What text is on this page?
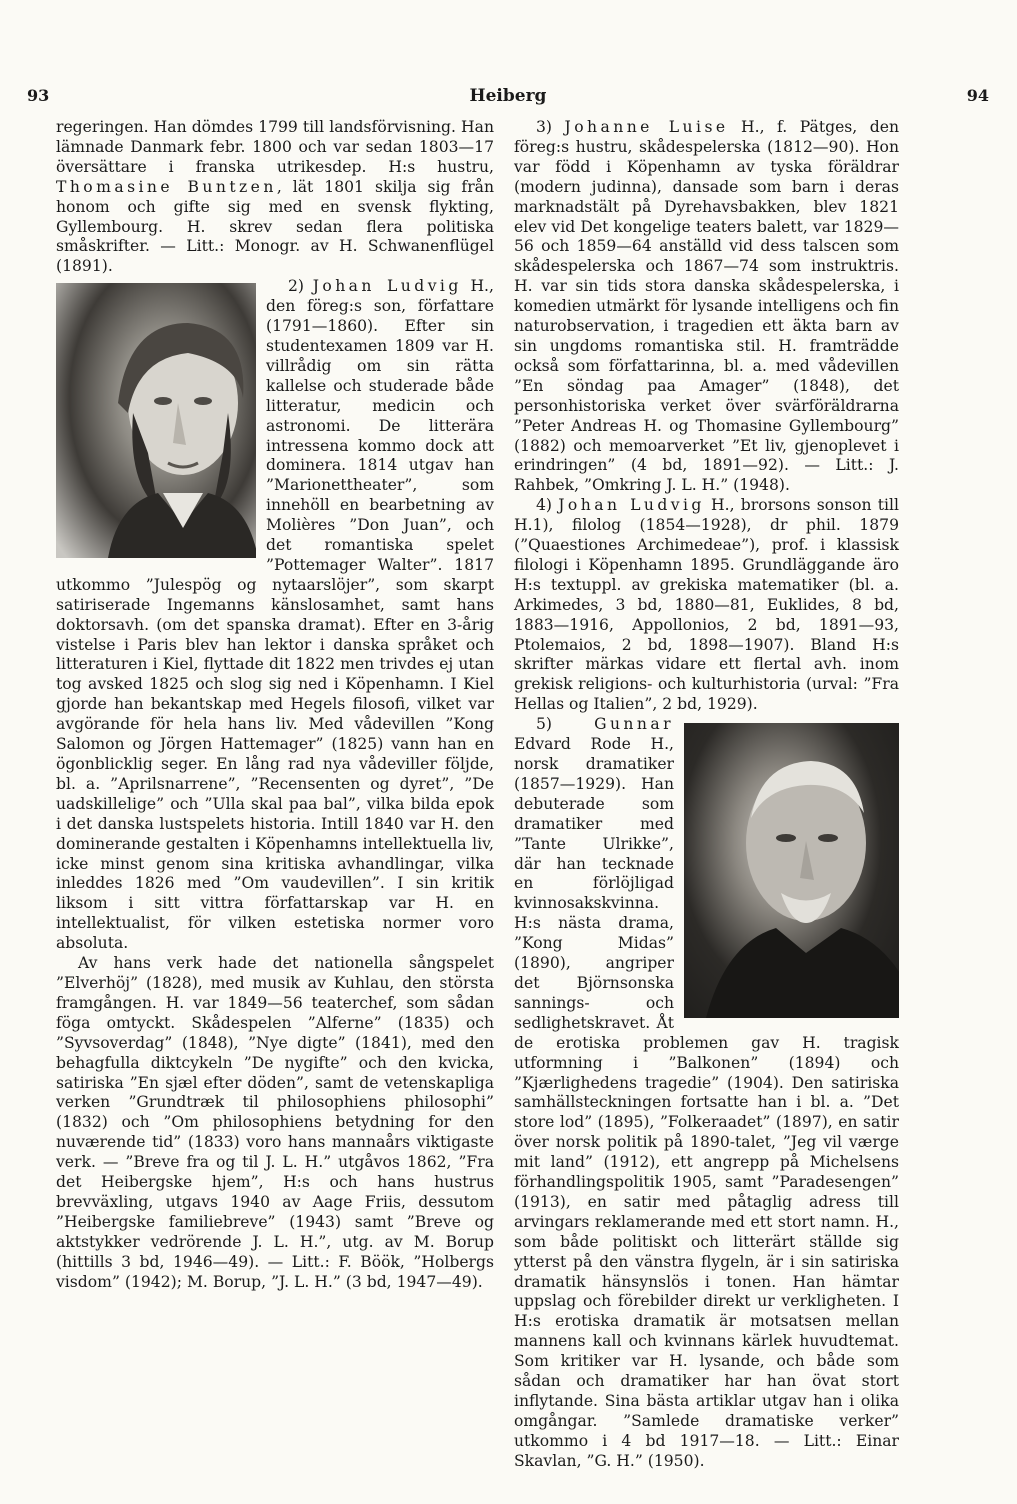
93	Heiberg	94

regeringen. Han dömdes 1799 till landsförvisning. Han lämnade Danmark febr. 1800 och var sedan 1803—17 översättare i franska utrikesdep. H:s hustru, Thomasine Buntzen, lät 1801 skilja sig från honom och gifte sig med en svensk flykting, Gyllembourg. H. skrev sedan flera politiska småskrifter. — Litt.: Monogr. av H. Schwanenflügel (1891).

2) Johan Ludvig
H., den föreg:s son, författare (1791—1860). Efter sin studentexamen 1809 var H. villrådig om sin rätta kallelse och studerade både litteratur, medicin och astronomi. De litterära intressena kommo dock att dominera. 1814 utgav han ”Marionettheater”, som innehöll en bearbetning av Molières ”Don Juan”, och det romantiska spelet ”Pottemager Walter”. 1817 utkommo ”Julespög og nytaarslöjer”, som skarpt satiriserade Ingemanns känslosamhet, samt hans doktorsavh. (om det spanska dramat). Efter en 3-årig vistelse i Paris blev han lektor i danska språket och litteraturen i Kiel, flyttade dit 1822 men trivdes ej utan tog avsked 1825 och slog sig ned i Köpenhamn. I Kiel gjorde han bekantskap med Hegels filosofi, vilket var avgörande för hela hans liv. Med vådevillen ”Kong Salomon og Jörgen Hattemager” (1825) vann han en ögonblicklig seger. En lång rad nya vådeviller följde, bl. a. ”Aprilsnarrene”, ”Recensenten og dyret”, ”De uadskillelige” och ”Ulla skal paa bal”, vilka bilda epok i det danska lustspelets historia. Intill 1840 var H. den dominerande gestalten i Köpenhamns intellektuella liv, icke minst genom sina kritiska avhandlingar, vilka inleddes 1826 med ”Om vaudevillen”. I sin kritik liksom i sitt vittra författarskap var H. en intellektualist, för vilken estetiska normer voro absoluta.

Av hans verk hade det nationella sångspelet ”Elverhöj” (1828), med musik av Kuhlau, den största framgången. H. var 1849—56 teaterchef, som sådan föga omtyckt. Skådespelen ”Alferne” (1835) och ”Syvsoverdag” (1848), ”Nye digte” (1841), med den behagfulla diktcykeln ”De nygifte” och den kvicka, satiriska ”En sjæl efter döden”, samt de vetenskapliga verken ”Grundtræk til philosophiens philosophi” (1832) och ”Om philosophiens betydning for den nuværende tid” (1833) voro hans mannaårs viktigaste verk. — ”Breve fra og til J. L. H.” utgåvos 1862, ”Fra det Heibergske hjem”, H:s och hans hustrus brevväxling, utgavs 1940 av Aage Friis, dessutom ”Heibergske familiebreve” (1943) samt ”Breve og aktstykker vedrörende J. L. H.”, utg. av M. Borup (hittills 3 bd, 1946—49). — Litt.: F. Böök, ”Holbergs visdom” (1942); M. Borup, ”J. L. H.” (3 bd, 1947—49).

3) Johanne Luise H., f. Pätges, den föreg:s hustru, skådespelerska (1812—90). Hon var född i Köpenhamn av tyska föräldrar (modern judinna), dansade som barn i deras marknadstält på Dyrehavsbakken, blev 1821 elev vid Det kongelige teaters balett, var 1829—56 och 1859—64 anställd vid dess talscen som skådespelerska och 1867—74 som instruktris. H. var sin tids stora danska skådespelerska, i komedien utmärkt för lysande intelligens och fin naturobservation, i tragedien ett äkta barn av sin ungdoms romantiska stil. H. framträdde också som författarinna, bl. a. med vådevillen ”En söndag paa Amager” (1848), det personhistoriska verket över svärföräldrarna ”Peter Andreas H. og Thomasine Gyllembourg” (1882) och memoarverket ”Et liv, gjenoplevet i erindringen” (4 bd, 1891—92). — Litt.: J. Rahbek, ”Omkring J. L. H.” (1948).

4) Johan Ludvig H., brorsons sonson till H.1), filolog (1854—1928), dr phil. 1879 (”Quaestiones Archimedeae”), prof. i klassisk filologi i Köpenhamn 1895. Grundläggande äro H:s textuppl. av grekiska matematiker (bl. a. Arkimedes, 3 bd, 1880—81, Euklides, 8 bd, 1883—1916, Appollonios, 2 bd, 1891—93, Ptolemaios, 2 bd, 1898—1907). Bland H:s skrifter märkas vidare ett flertal avh. inom grekisk religions- och kulturhistoria (urval: ”Fra Hellas og Italien”, 2 bd, 1929).

5) Gunnar
Edvard Rode H., norsk dramatiker (1857—1929). Han debuterade som dramatiker med ”Tante Ulrikke”, där han tecknade en förlöjligad kvinnosakskvinna. H:s nästa drama, ”Kong Midas” (1890), angriper det Björnsonska sannings- och sedlighetskravet. Åt de erotiska problemen gav H. tragisk utformning i ”Balkonen” (1894) och ”Kjærlighedens tragedie” (1904). Den satiriska samhällsteckningen fortsatte han i bl. a. ”Det store lod” (1895), ”Folkeraadet” (1897), en satir över norsk politik på 1890-talet, ”Jeg vil værge mit land” (1912), ett angrepp på Michelsens förhandlingspolitik 1905, samt ”Paradesengen” (1913), en satir med påtaglig adress till arvingars reklamerande med ett stort namn. H., som både politiskt och litterärt ställde sig ytterst på den vänstra flygeln, är i sin satiriska dramatik hänsynslös i tonen. Han hämtar uppslag och förebilder direkt ur verkligheten. I H:s erotiska dramatik är motsatsen mellan mannens kall och kvinnans kärlek huvudtemat. Som kritiker var H. lysande, och både som sådan och dramatiker har han övat stort inflytande. Sina bästa artiklar utgav han i olika omgångar. ”Samlede dramatiske verker” utkommo i 4 bd 1917—18. — Litt.: Einar Skavlan, ”G. H.” (1950).
